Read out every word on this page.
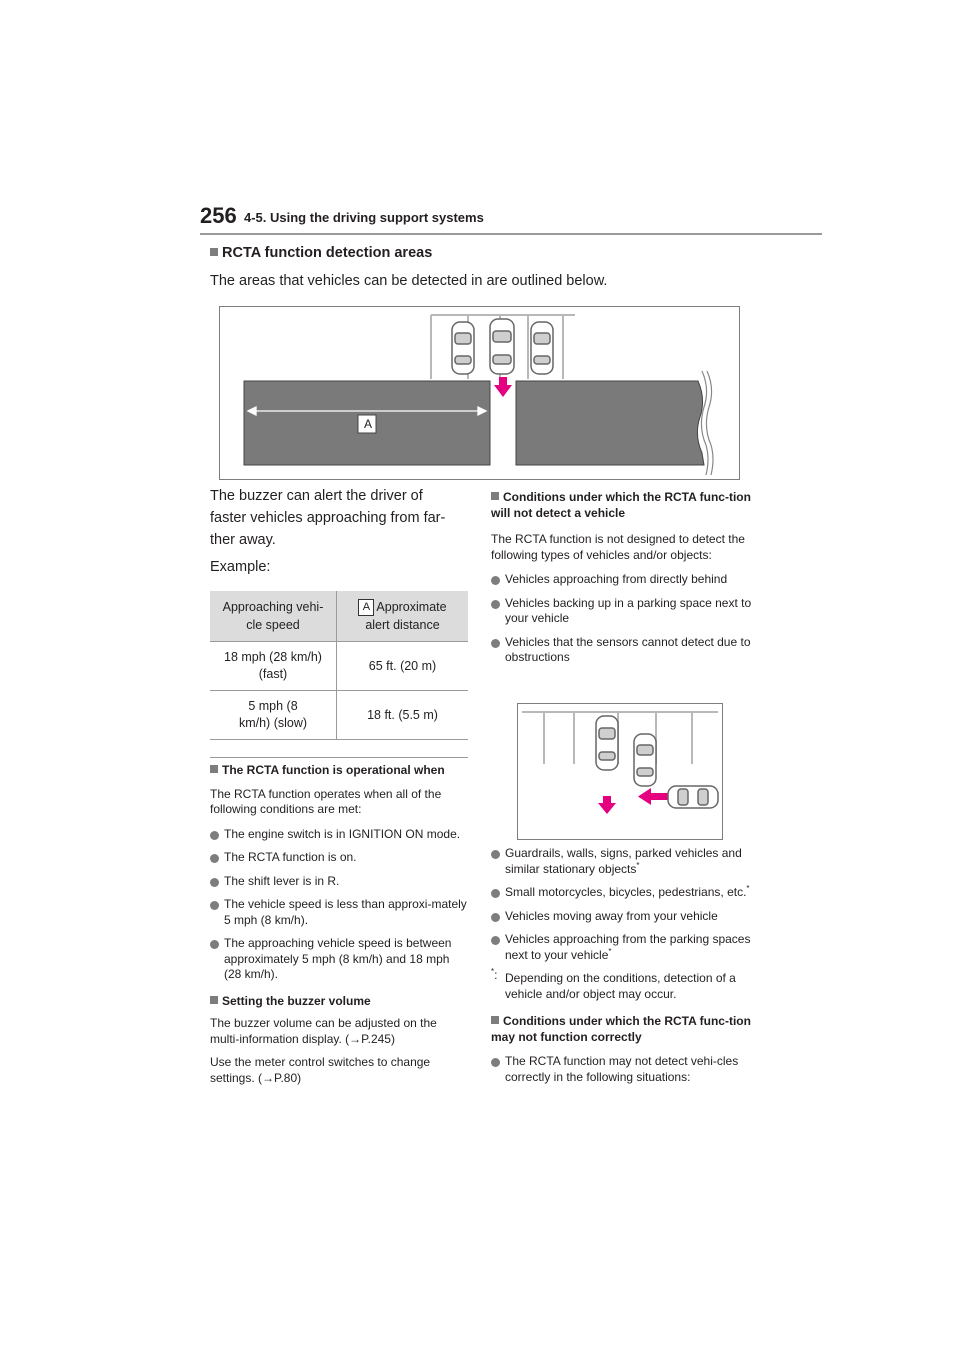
256 4-5. Using the driving support systems
RCTA function detection areas
The areas that vehicles can be detected in are outlined below.
A
The buzzer can alert the driver of faster vehicles approaching from far-ther away.
Example:
Approaching vehi-cle speed	A Approximate alert distance

18 mph (28 km/h) (fast)	65 ft. (20 m)

5 mph (8 km/h) (slow)	18 ft. (5.5 m)
The RCTA function is operational when
The RCTA function operates when all of the following conditions are met:
The engine switch is in IGNITION ON mode.
The RCTA function is on.
The shift lever is in R.
The vehicle speed is less than approxi-mately 5 mph (8 km/h).
The approaching vehicle speed is between approximately 5 mph (8 km/h) and 18 mph (28 km/h).
Setting the buzzer volume
The buzzer volume can be adjusted on the multi-information display. (→P.245)
Use the meter control switches to change settings. (→P.80)
Conditions under which the RCTA func-tion will not detect a vehicle
The RCTA function is not designed to detect the following types of vehicles and/or objects:
Vehicles approaching from directly behind
Vehicles backing up in a parking space next to your vehicle
Vehicles that the sensors cannot detect due to obstructions
Guardrails, walls, signs, parked vehicles and similar stationary objects*
Small motorcycles, bicycles, pedestrians, etc.*
Vehicles moving away from your vehicle
Vehicles approaching from the parking spaces next to your vehicle*
*: Depending on the conditions, detection of a vehicle and/or object may occur.
Conditions under which the RCTA func-tion may not function correctly
The RCTA function may not detect vehi-cles correctly in the following situations:
